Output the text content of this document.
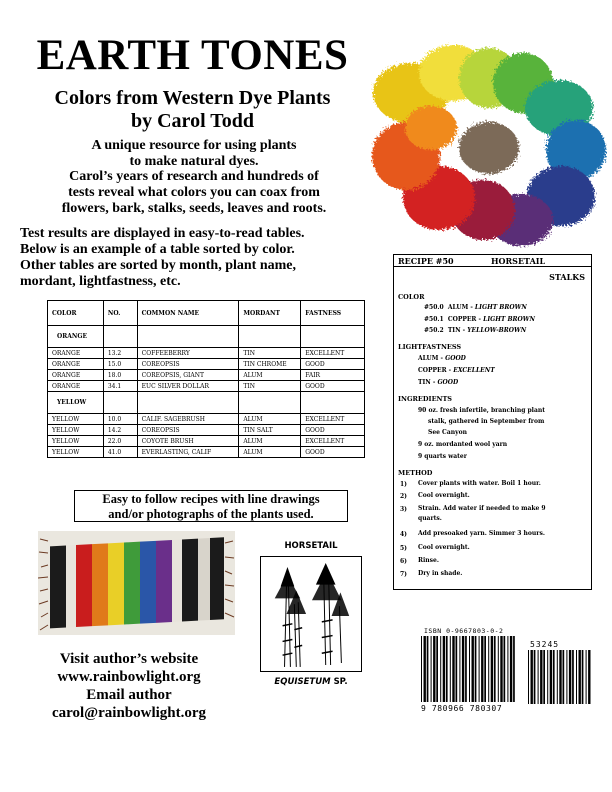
EARTH TONES
Colors from Western Dye Plants
by Carol Todd
A unique resource for using plants
to make natural dyes.
Carol’s years of research and hundreds of
tests reveal what colors you can coax from
flowers, bark, stalks, seeds, leaves and roots.
Test results are displayed in easy-to-read tables.
Below is an example of a table sorted by color.
Other tables are sorted by month, plant name,
mordant, lightfastness, etc.
COLOR	NO.	COMMON NAME	MORDANT	FASTNESS
ORANGE				
ORANGE	13.2	COFFEEBERRY	TIN	EXCELLENT
ORANGE	15.0	COREOPSIS	TIN CHROME	GOOD
ORANGE	18.0	COREOPSIS, GIANT	ALUM	FAIR
ORANGE	34.1	EUC SILVER DOLLAR	TIN	GOOD
YELLOW				
YELLOW	10.0	CALIF. SAGEBRUSH	ALUM	EXCELLENT
YELLOW	14.2	COREOPSIS	TIN SALT	GOOD
YELLOW	22.0	COYOTE BRUSH	ALUM	EXCELLENT
YELLOW	41.0	EVERLASTING, CALIF	ALUM	GOOD
Easy to follow recipes with line drawings
and/or photographs of the plants used.
HORSETAIL
EQUISETUM SP.
Visit author’s website
www.rainbowlight.org
Email author
carol@rainbowlight.org
RECIPE #50	HORSETAIL
STALKS
COLOR
#50.0 ALUM - LIGHT BROWN
#50.1 COPPER - LIGHT BROWN
#50.2 TIN - YELLOW-BROWN
LIGHTFASTNESS
ALUM - GOOD
COPPER - EXCELLENT
TIN - GOOD
INGREDIENTS
90 oz. fresh infertile, branching plant
stalk, gathered in September from
See Canyon
9 oz. mordanted wool yarn
9 quarts water
METHOD
1) Cover plants with water. Boil 1 hour.
2) Cool overnight.
3) Strain. Add water if needed to make 9 quarts.
4) Add presoaked yarn. Simmer 3 hours.
5) Cool overnight.
6) Rinse.
7) Dry in shade.
ISBN 0-9667803-0-2
53245
9 780966 780307
